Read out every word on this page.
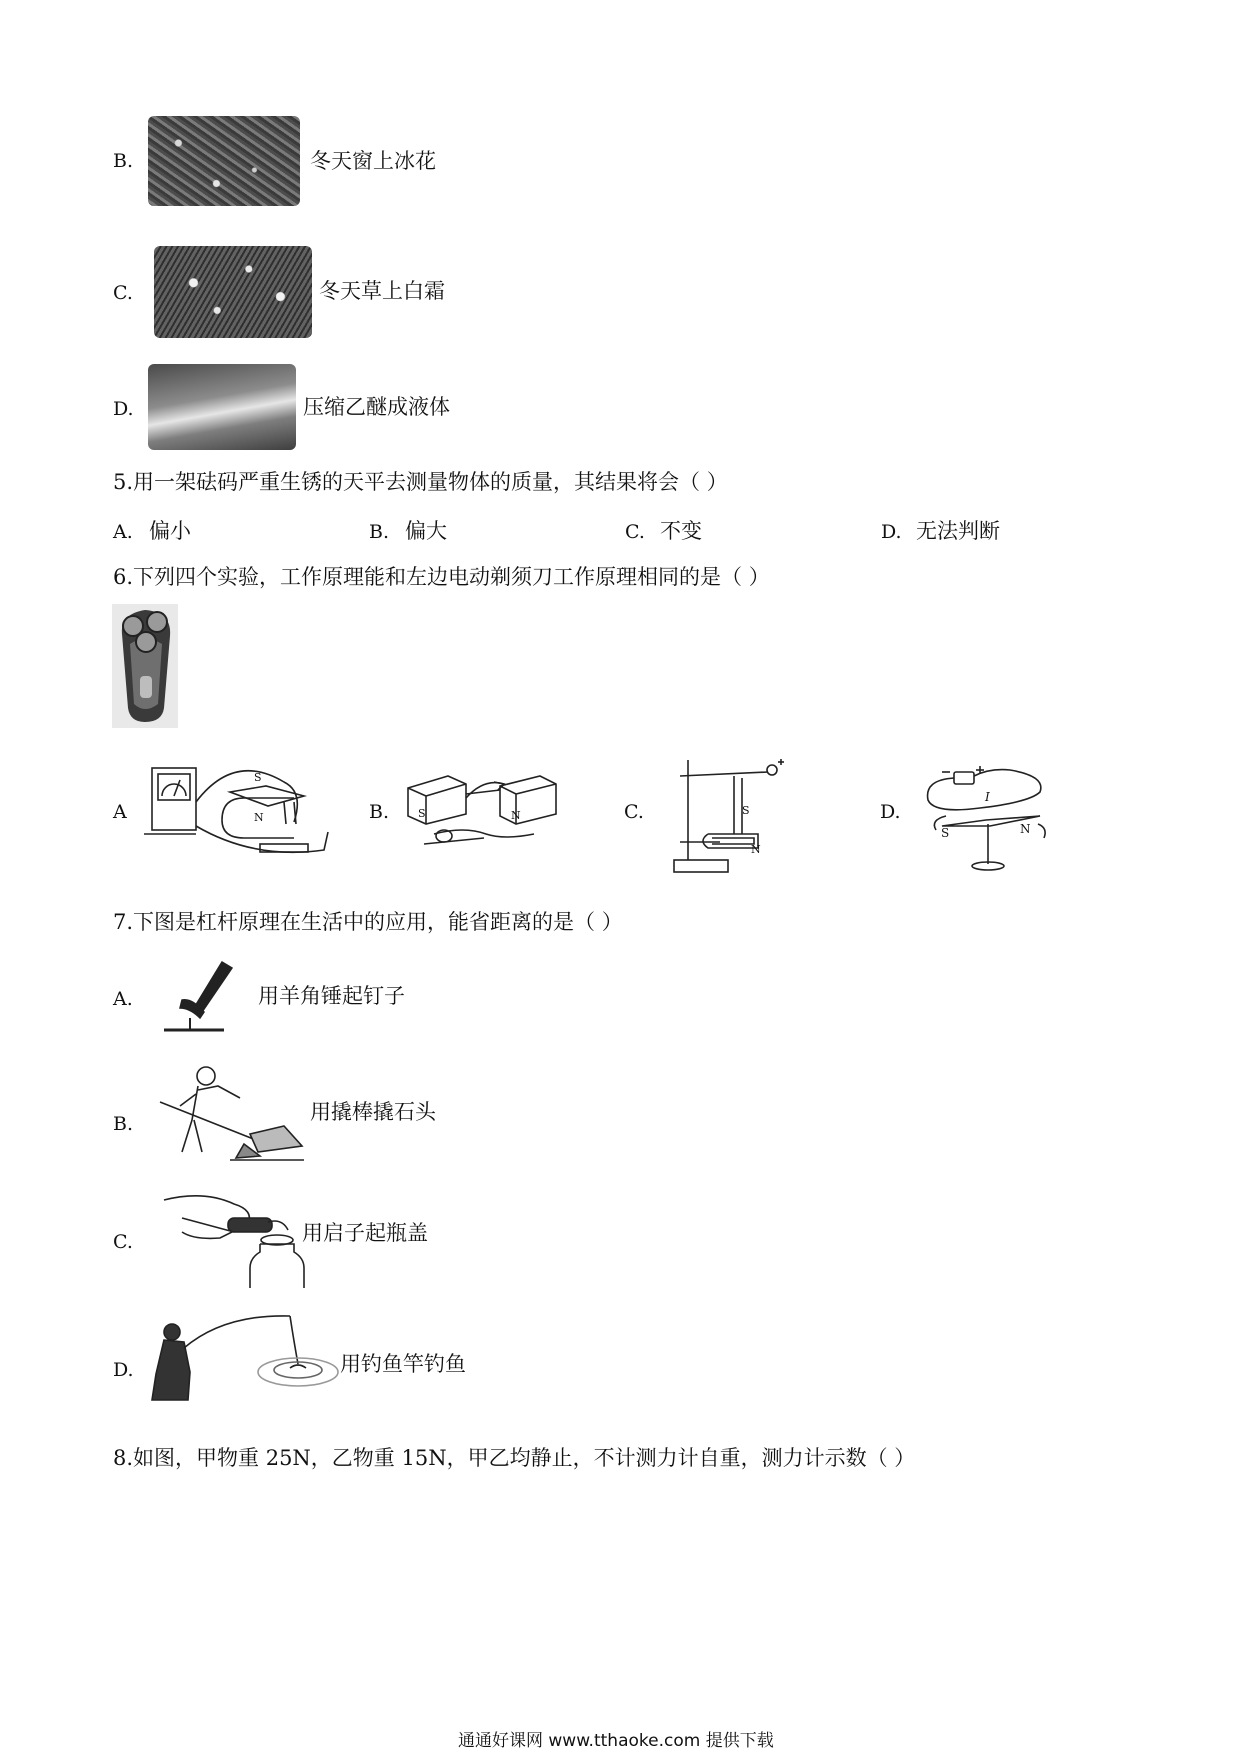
B.	冬天窗上冰花
C.	冬天草上白霜
D.	压缩乙醚成液体
5.用一架砝码严重生锈的天平去测量物体的质量，其结果将会（ ）
A. 偏小	B. 偏大	C. 不变	D. 无法判断
6.下列四个实验，工作原理能和左边电动剃须刀工作原理相同的是（ ）
A
S
N	B.	S	N	C.	S
N
D.
S	N
I
7.下图是杠杆原理在生活中的应用，能省距离的是（ ）
A.	用羊角锤起钉子
B.	用撬棒撬石头
C.	用启子起瓶盖
D.	用钓鱼竿钓鱼
8.如图，甲物重 25N，乙物重 15N，甲乙均静止，不计测力计自重，测力计示数（ ）
通通好课网 www.tthaoke.com 提供下载
